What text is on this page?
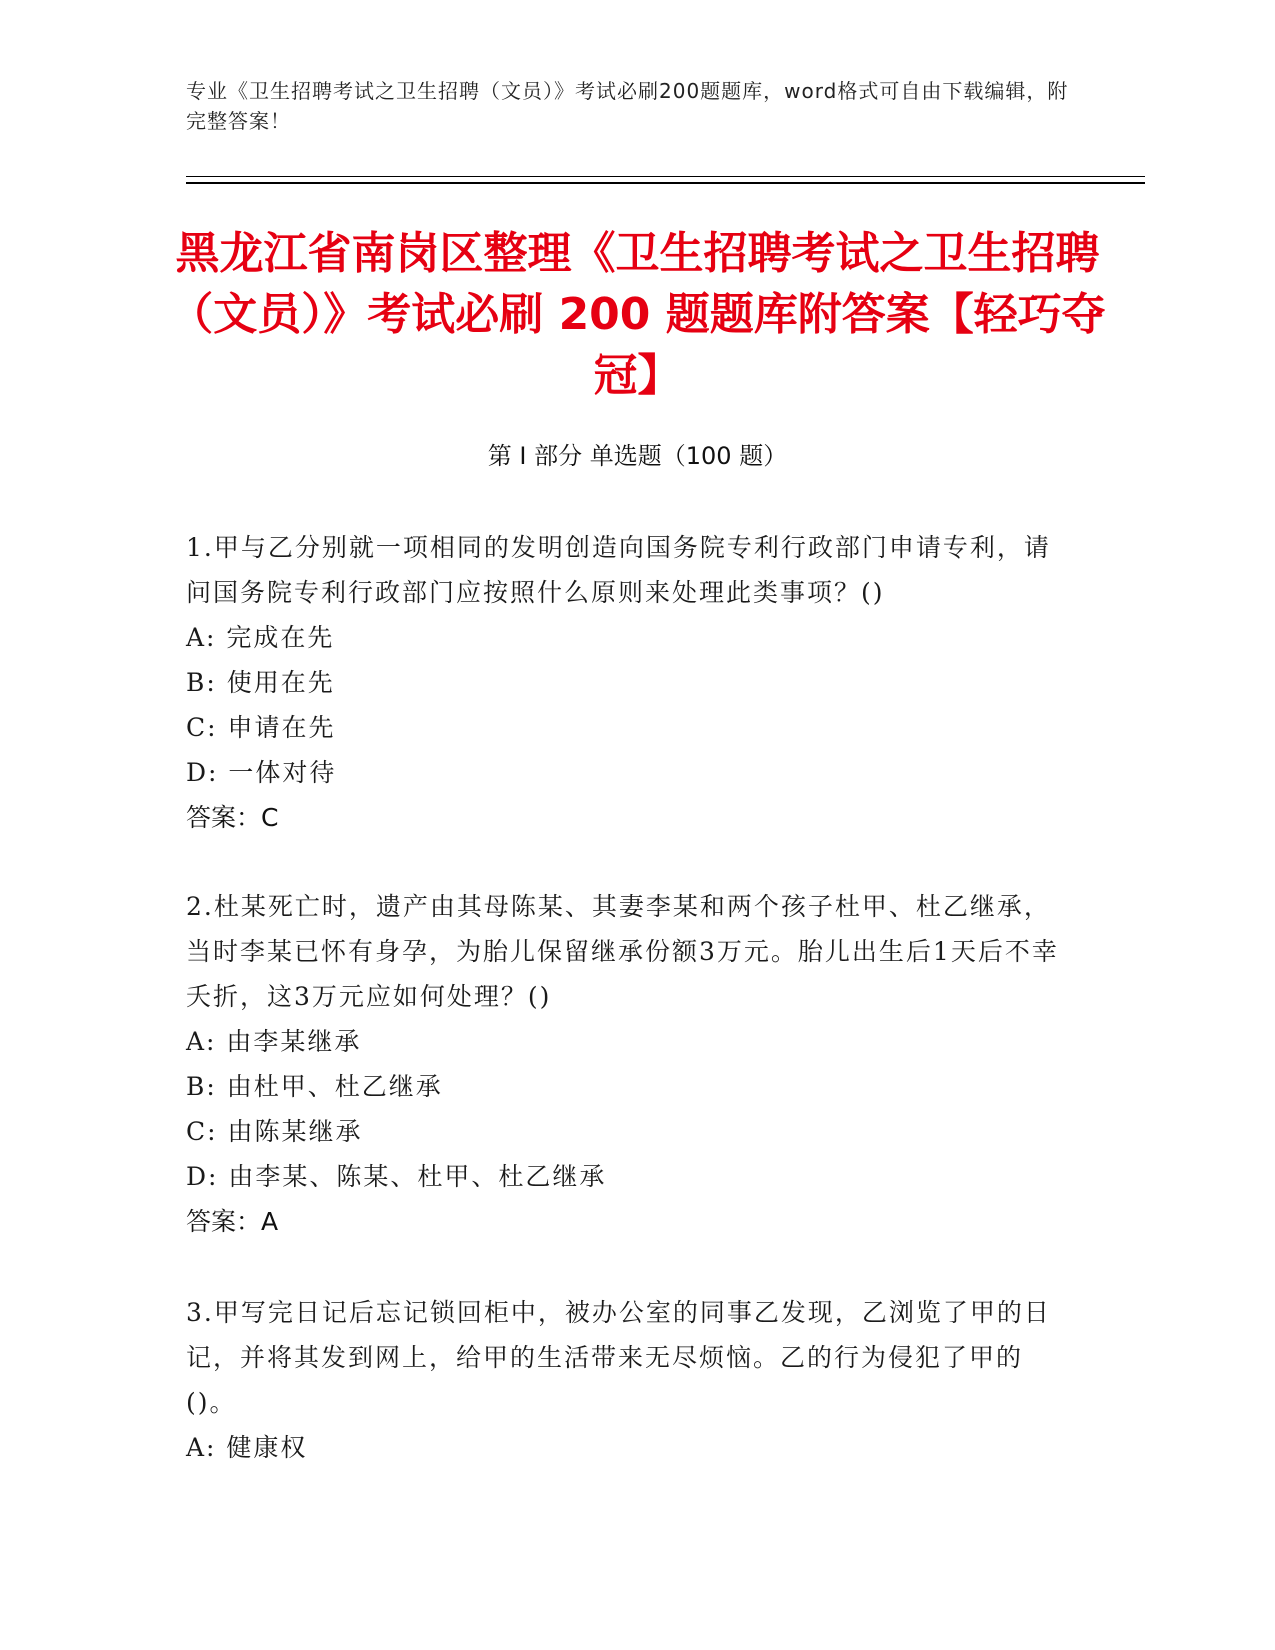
专业《卫生招聘考试之卫生招聘（文员）》考试必刷200题题库，word格式可自由下载编辑，附完整答案！

黑龙江省南岗区整理《卫生招聘考试之卫生招聘（文员）》考试必刷 200 题题库附答案【轻巧夺冠】
第 I 部分 单选题（100 题）

1.甲与乙分别就一项相同的发明创造向国务院专利行政部门申请专利，请问国务院专利行政部门应按照什么原则来处理此类事项？()

A: 完成在先

B: 使用在先

C: 申请在先

D: 一体对待

答案：C

2.杜某死亡时，遗产由其母陈某、其妻李某和两个孩子杜甲、杜乙继承，当时李某已怀有身孕，为胎儿保留继承份额3万元。胎儿出生后1天后不幸夭折，这3万元应如何处理？()

A: 由李某继承

B: 由杜甲、杜乙继承

C: 由陈某继承

D: 由李某、陈某、杜甲、杜乙继承

答案：A

3.甲写完日记后忘记锁回柜中，被办公室的同事乙发现，乙浏览了甲的日记，并将其发到网上，给甲的生活带来无尽烦恼。乙的行为侵犯了甲的()。

A: 健康权
